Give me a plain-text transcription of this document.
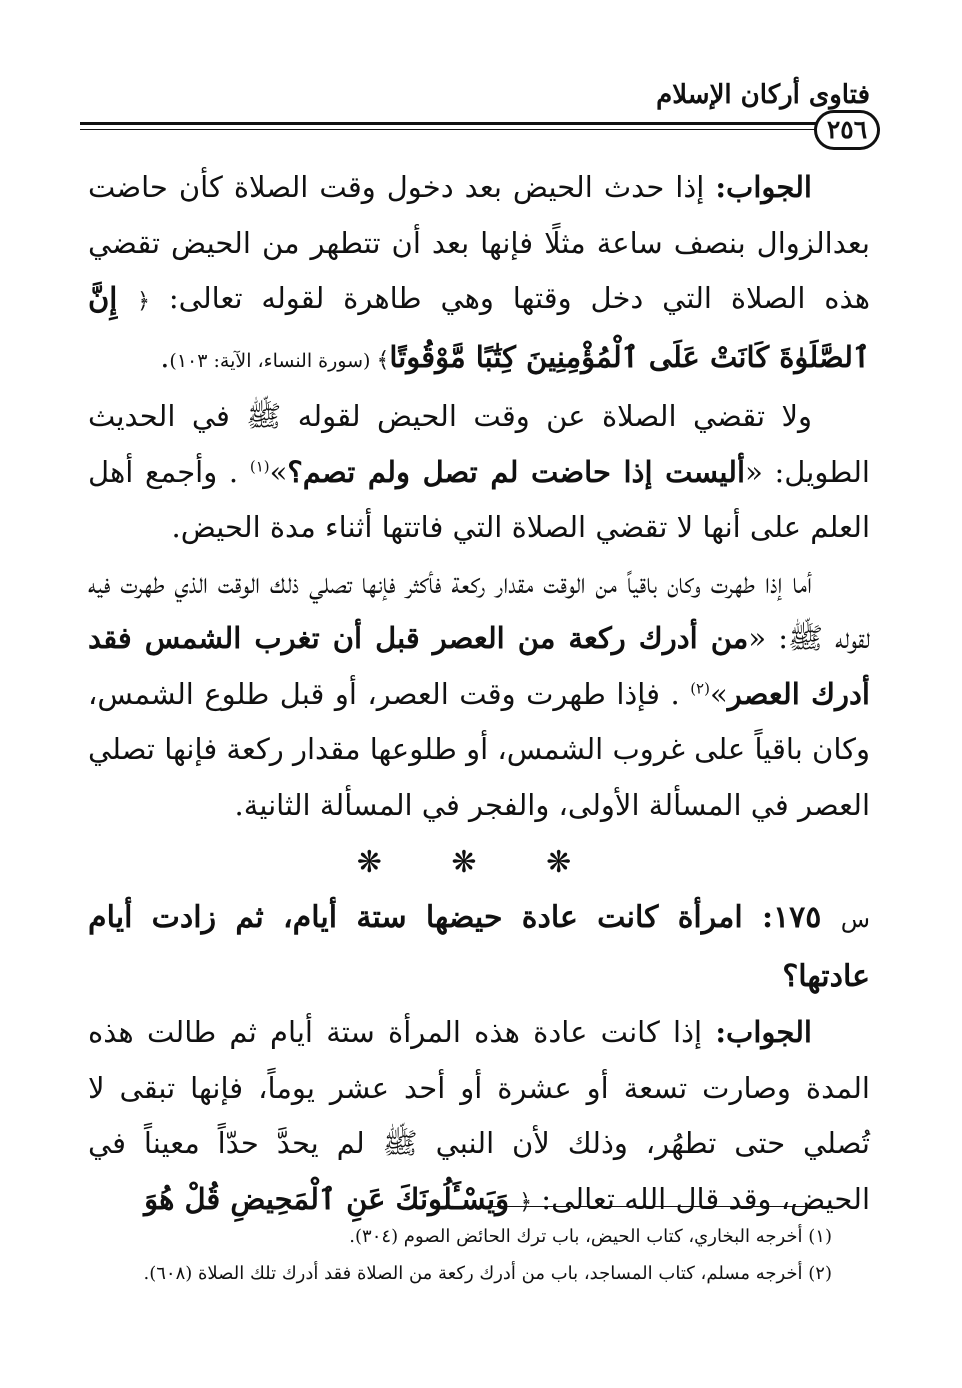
فتاوى أركان الإسلام
٢٥٦

الجواب: إذا حدث الحيض بعد دخول وقت الصلاة كأن حاضت بعدالزوال بنصف ساعة مثلًا فإنها بعد أن تتطهر من الحيض تقضي هذه الصلاة التي دخل وقتها وهي طاهرة لقوله تعالى: ﴿ إِنَّ ٱلصَّلَوٰةَ كَانَتْ عَلَى ٱلْمُؤْمِنِينَ كِتَٰبًا مَّوْقُوتًا﴾ (سورة النساء، الآية: ١٠٣).

ولا تقضي الصلاة عن وقت الحيض لقوله ﷺ في الحديث الطويل: «أليست إذا حاضت لم تصل ولم تصم؟»$^{(١)}$ . وأجمع أهل العلم على أنها لا تقضي الصلاة التي فاتتها أثناء مدة الحيض.

أما إذا طهرت وكان باقياً من الوقت مقدار ركعة فأكثر فإنها تصلي ذلك الوقت الذي طهرت فيه لقوله ﷺ: «من أدرك ركعة من العصر قبل أن تغرب الشمس فقد أدرك العصر»$^{(٢)}$ . فإذا طهرت وقت العصر، أو قبل طلوع الشمس، وكان باقياً على غروب الشمس، أو طلوعها مقدار ركعة فإنها تصلي العصر في المسألة الأولى، والفجر في المسألة الثانية.

❋ ❋ ❋

س ١٧٥: امرأة كانت عادة حيضها ستة أيام، ثم زادت أيام عادتها؟

الجواب: إذا كانت عادة هذه المرأة ستة أيام ثم طالت هذه المدة وصارت تسعة أو عشرة أو أحد عشر يوماً، فإنها تبقى لا تُصلي حتى تطهُر، وذلك لأن النبي ﷺ لم يحدَّ حدّاً معيناً في الحيض، وقد قال الله تعالى: ﴿ وَيَسْـَٔلُونَكَ عَنِ ٱلْمَحِيضِ قُلْ هُوَ

(١) أخرجه البخاري، كتاب الحيض، باب ترك الحائض الصوم (٣٠٤).
(٢) أخرجه مسلم، كتاب المساجد، باب من أدرك ركعة من الصلاة فقد أدرك تلك الصلاة (٦٠٨).
